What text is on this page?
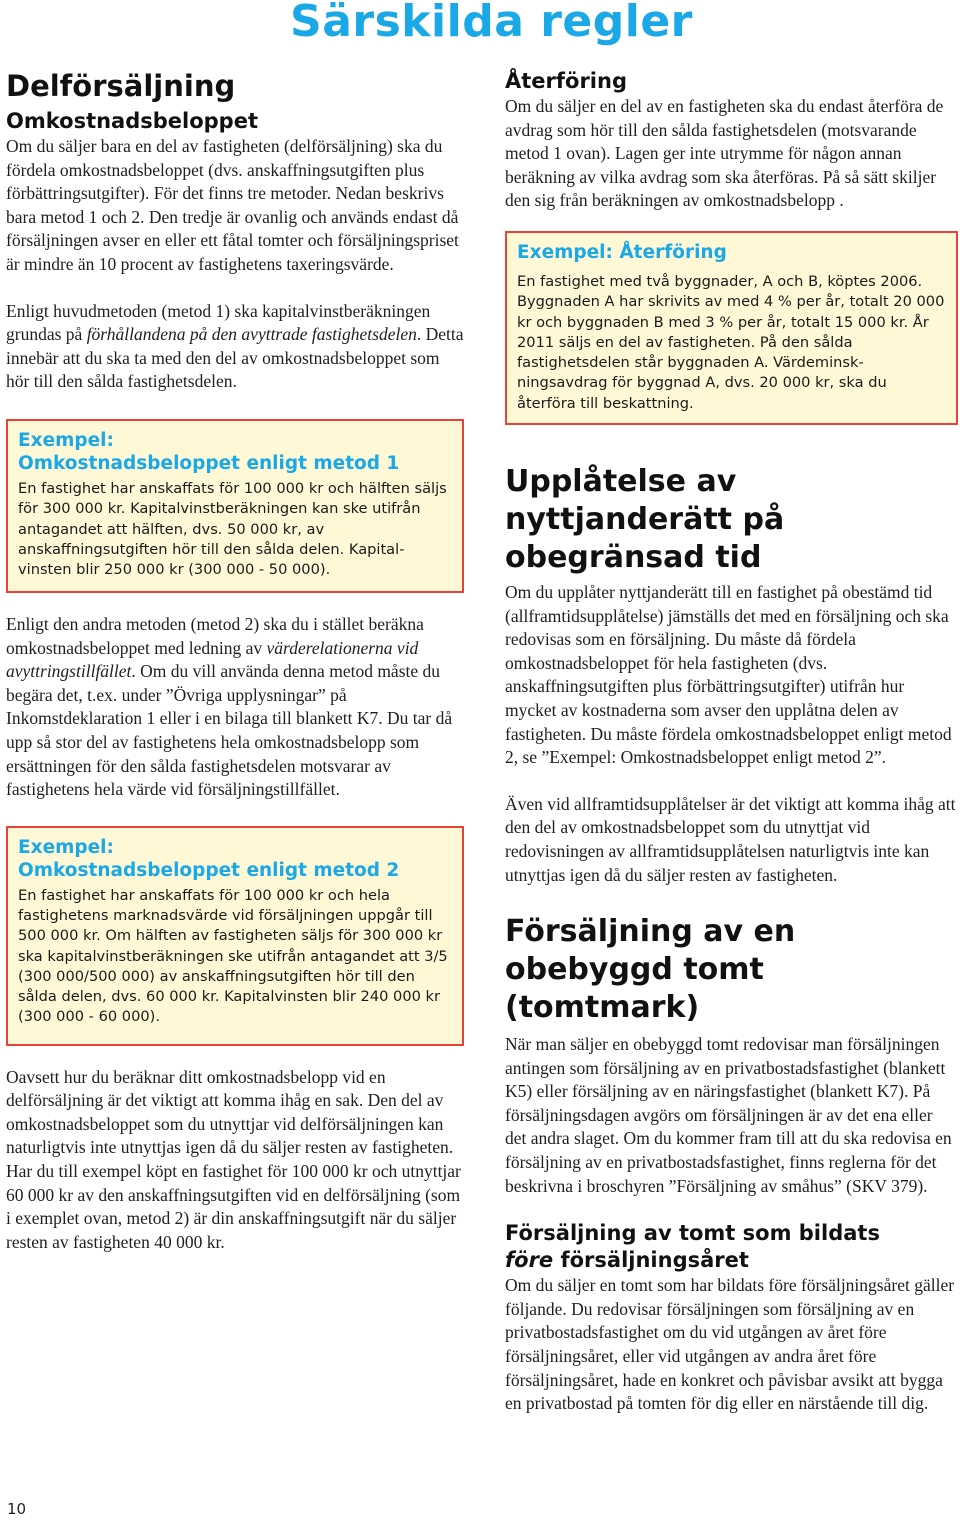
Särskilda regler
Delförsäljning
Omkostnadsbeloppet

Om du säljer bara en del av fastigheten (delförsäljning) ska du fördela omkostnadsbeloppet (dvs. anskaffningsutgiften plus förbättringsutgifter). För det finns tre metoder. Nedan beskrivs bara metod 1 och 2. Den tredje är ovanlig och används endast då försäljningen avser en eller ett fåtal tomter och försäljningspriset är mindre än 10 procent av fastighetens taxeringsvärde.

Enligt huvudmetoden (metod 1) ska kapitalvinstberäkningen grundas på förhållandena på den avyttrade fastighetsdelen. Detta innebär att du ska ta med den del av omkostnadsbeloppet som hör till den sålda fastighetsdelen.

Exempel:

Omkostnadsbeloppet enligt metod 1

En fastighet har anskaffats för 100 000 kr och hälften säljs för 300 000 kr. Kapitalvinstberäkningen kan ske utifrån antagandet att hälften, dvs. 50 000 kr, av anskaffningsutgiften hör till den sålda delen. Kapitalvinsten blir 250 000 kr (300 000 - 50 000).

Enligt den andra metoden (metod 2) ska du i stället beräkna omkostnadsbeloppet med ledning av värderelationerna vid avyttringstillfället. Om du vill använda denna metod måste du begära det, t.ex. under ”Övriga upplysningar” på Inkomstdeklaration 1 eller i en bilaga till blankett K7. Du tar då upp så stor del av fastighetens hela omkostnadsbelopp som ersättningen för den sålda fastighetsdelen motsvarar av fastighetens hela värde vid försäljningstillfället.

Exempel:

Omkostnadsbeloppet enligt metod 2

En fastighet har anskaffats för 100 000 kr och hela fastighetens marknadsvärde vid försäljningen uppgår till 500 000 kr. Om hälften av fastigheten säljs för 300 000 kr ska kapitalvinstberäkningen ske utifrån antagandet att 3/5 (300 000/500 000) av anskaffningsutgiften hör till den sålda delen, dvs. 60 000 kr. Kapitalvinsten blir 240 000 kr (300 000 - 60 000).

Oavsett hur du beräknar ditt omkostnadsbelopp vid en delförsäljning är det viktigt att komma ihåg en sak. Den del av omkostnadsbeloppet som du utnyttjar vid delförsäljningen kan naturligtvis inte utnyttjas igen då du säljer resten av fastigheten. Har du till exempel köpt en fastighet för 100 000 kr och utnyttjar 60 000 kr av den anskaffningsutgiften vid en delförsäljning (som i exemplet ovan, metod 2) är din anskaffningsutgift när du säljer resten av fastigheten 40 000 kr.

Återföring

Om du säljer en del av en fastigheten ska du endast återföra de avdrag som hör till den sålda fastighetsdelen (motsvarande metod 1 ovan). Lagen ger inte utrymme för någon annan beräkning av vilka avdrag som ska återföras. På så sätt skiljer den sig från beräkningen av omkostnadsbelopp .

Exempel: Återföring

En fastighet med två byggnader, A och B, köptes 2006. Byggnaden A har skrivits av med 4 % per år, totalt 20 000 kr och byggnaden B med 3 % per år, totalt 15 000 kr. År 2011 säljs en del av fastigheten. På den sålda fastighetsdelen står byggnaden A. Värdeminskningsavdrag för byggnad A, dvs. 20 000 kr, ska du återföra till beskattning.

Upplåtelse av nyttjanderätt på obegränsad tid

Om du upplåter nyttjanderätt till en fastighet på obestämd tid (allframtidsupplåtelse) jämställs det med en försäljning och ska redovisas som en försäljning. Du måste då fördela omkostnadsbeloppet för hela fastigheten (dvs. anskaffningsutgiften plus förbättringsutgifter) utifrån hur mycket av kostnaderna som avser den upplåtna delen av fastigheten. Du måste fördela omkostnadsbeloppet enligt metod 2, se ”Exempel: Omkostnadsbeloppet enligt metod 2”.

Även vid allframtidsupplåtelser är det viktigt att komma ihåg att den del av omkostnadsbeloppet som du utnyttjat vid redovisningen av allframtidsupplåtelsen naturligtvis inte kan utnyttjas igen då du säljer resten av fastigheten.

Försäljning av en obebyggd tomt (tomtmark)

När man säljer en obebyggd tomt redovisar man försäljningen antingen som försäljning av en privatbostadsfastighet (blankett K5) eller försäljning av en näringsfastighet (blankett K7). På försäljningsdagen avgörs om försäljningen är av det ena eller det andra slaget. Om du kommer fram till att du ska redovisa en försäljning av en privatbostadsfastighet, finns reglerna för det beskrivna i broschyren ”Försäljning av småhus” (SKV 379).

Försäljning av tomt som bildats
före försäljningsåret

Om du säljer en tomt som har bildats före försäljningsåret gäller följande. Du redovisar försäljningen som försäljning av en privatbostadsfastighet om du vid utgången av året före försäljningsåret, eller vid utgången av andra året före försäljningsåret, hade en konkret och påvisbar avsikt att bygga en privatbostad på tomten för dig eller en närstående till dig.

10
